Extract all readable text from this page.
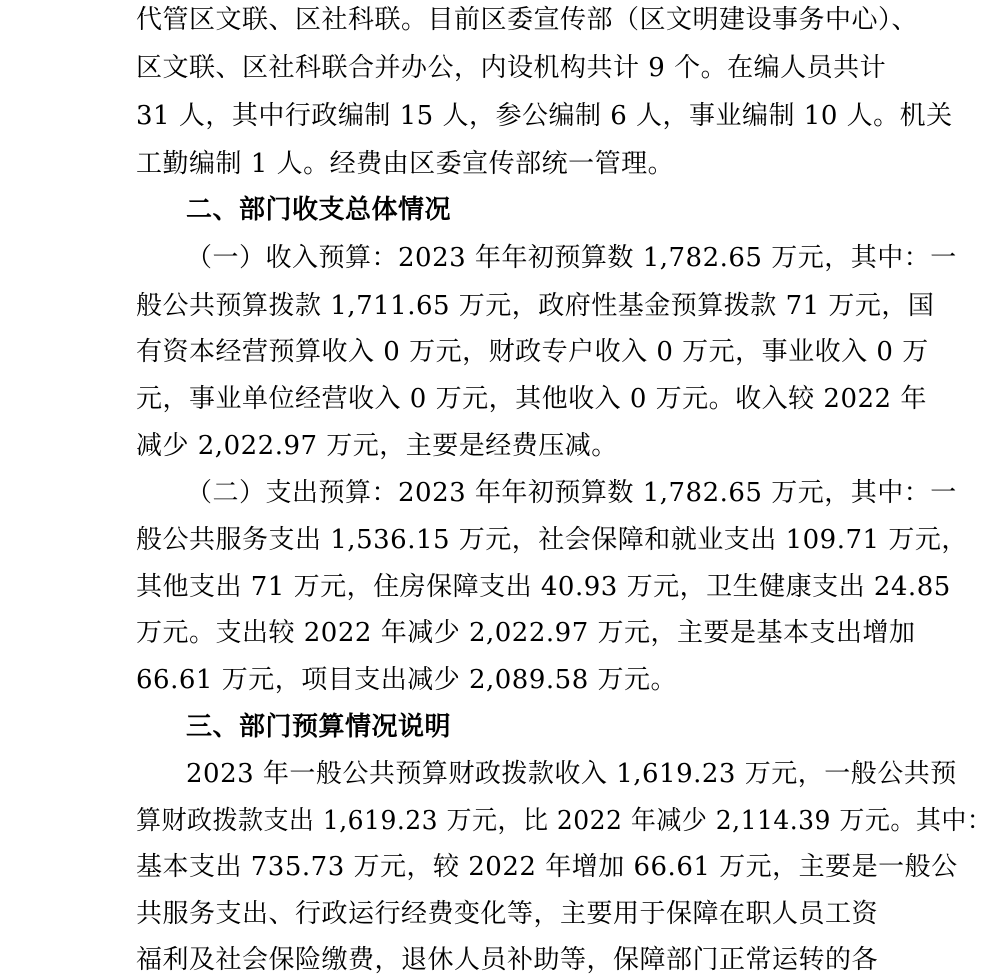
代管区文联、区社科联。目前区委宣传部（区文明建设事务中心）、
区文联、区社科联合并办公，内设机构共计 9 个。在编人员共计
31 人，其中行政编制 15 人，参公编制 6 人，事业编制 10 人。机关
工勤编制 1 人。经费由区委宣传部统一管理。
二、部门收支总体情况
（一）收入预算：2023 年年初预算数 1,782.65 万元，其中：一
般公共预算拨款 1,711.65 万元，政府性基金预算拨款 71 万元，国
有资本经营预算收入 0 万元，财政专户收入 0 万元，事业收入 0 万
元，事业单位经营收入 0 万元，其他收入 0 万元。收入较 2022 年
减少 2,022.97 万元，主要是经费压减。
（二）支出预算：2023 年年初预算数 1,782.65 万元，其中：一
般公共服务支出 1,536.15 万元，社会保障和就业支出 109.71 万元，
其他支出 71 万元，住房保障支出 40.93 万元，卫生健康支出 24.85
万元。支出较 2022 年减少 2,022.97 万元，主要是基本支出增加
66.61 万元，项目支出减少 2,089.58 万元。
三、部门预算情况说明
2023 年一般公共预算财政拨款收入 1,619.23 万元，一般公共预
算财政拨款支出 1,619.23 万元，比 2022 年减少 2,114.39 万元。其中：
基本支出 735.73 万元，较 2022 年增加 66.61 万元，主要是一般公
共服务支出、行政运行经费变化等，主要用于保障在职人员工资
福利及社会保险缴费，退休人员补助等，保障部门正常运转的各
